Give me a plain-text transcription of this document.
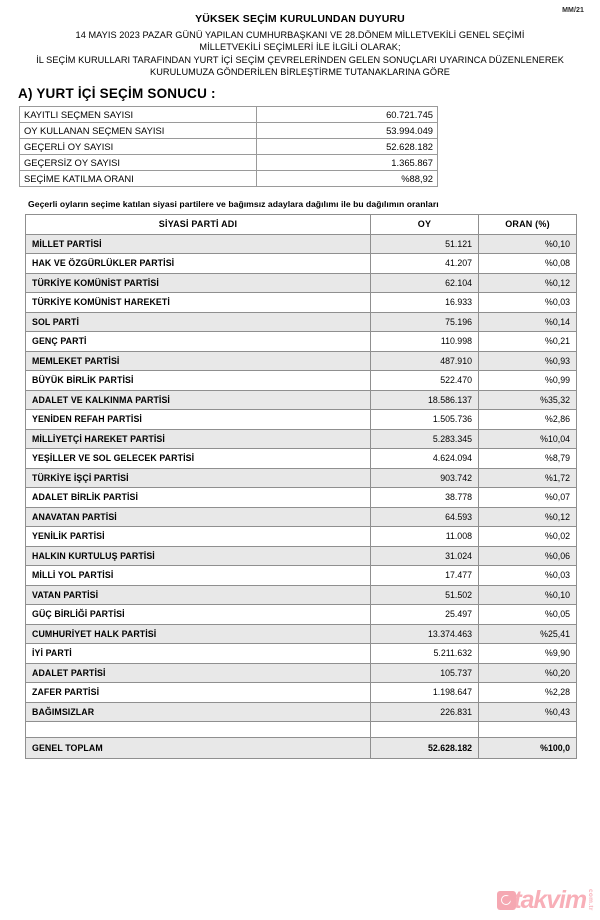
MM/21
YÜKSEK SEÇİM KURULUNDAN DUYURU
14 MAYIS 2023 PAZAR GÜNÜ YAPILAN CUMHURBAŞKANI VE 28.DÖNEM MİLLETVEKİLİ GENEL SEÇİMİ
MİLLETVEKİLİ SEÇİMLERİ İLE İLGİLİ OLARAK;
İL SEÇİM KURULLARI TARAFINDAN YURT İÇİ SEÇİM ÇEVRELERİNDEN GELEN SONUÇLARI UYARINCA DÜZENLENEREK
KURULUMUZA GÖNDERİLEN BİRLEŞTİRME TUTANAKLARINA GÖRE
A) YURT İÇİ SEÇİM SONUCU :
KAYITLI SEÇMEN SAYISI	60.721.745
OY KULLANAN SEÇMEN SAYISI	53.994.049
GEÇERLİ OY SAYISI	52.628.182
GEÇERSİZ OY SAYISI	1.365.867
SEÇİME KATILMA ORANI	%88,92
Geçerli oyların seçime katılan siyasi partilere ve bağımsız adaylara dağılımı ile bu dağılımın oranları
SİYASİ PARTİ ADI	OY	ORAN (%)
MİLLET PARTİSİ	51.121	%0,10
HAK VE ÖZGÜRLÜKLER PARTİSİ	41.207	%0,08
TÜRKİYE KOMÜNİST PARTİSİ	62.104	%0,12
TÜRKİYE KOMÜNİST HAREKETİ	16.933	%0,03
SOL PARTİ	75.196	%0,14
GENÇ PARTİ	110.998	%0,21
MEMLEKET PARTİSİ	487.910	%0,93
BÜYÜK BİRLİK PARTİSİ	522.470	%0,99
ADALET VE KALKINMA PARTİSİ	18.586.137	%35,32
YENİDEN REFAH PARTİSİ	1.505.736	%2,86
MİLLİYETÇİ HAREKET PARTİSİ	5.283.345	%10,04
YEŞİLLER VE SOL GELECEK PARTİSİ	4.624.094	%8,79
TÜRKİYE İŞÇİ PARTİSİ	903.742	%1,72
ADALET BİRLİK PARTİSİ	38.778	%0,07
ANAVATAN PARTİSİ	64.593	%0,12
YENİLİK PARTİSİ	11.008	%0,02
HALKIN KURTULUŞ PARTİSİ	31.024	%0,06
MİLLİ YOL PARTİSİ	17.477	%0,03
VATAN PARTİSİ	51.502	%0,10
GÜÇ BİRLİĞİ PARTİSİ	25.497	%0,05
CUMHURİYET HALK PARTİSİ	13.374.463	%25,41
İYİ PARTİ	5.211.632	%9,90
ADALET PARTİSİ	105.737	%0,20
ZAFER PARTİSİ	1.198.647	%2,28
BAĞIMSIZLAR	226.831	%0,43

GENEL TOPLAM	52.628.182	%100,0
takvim com.tr
